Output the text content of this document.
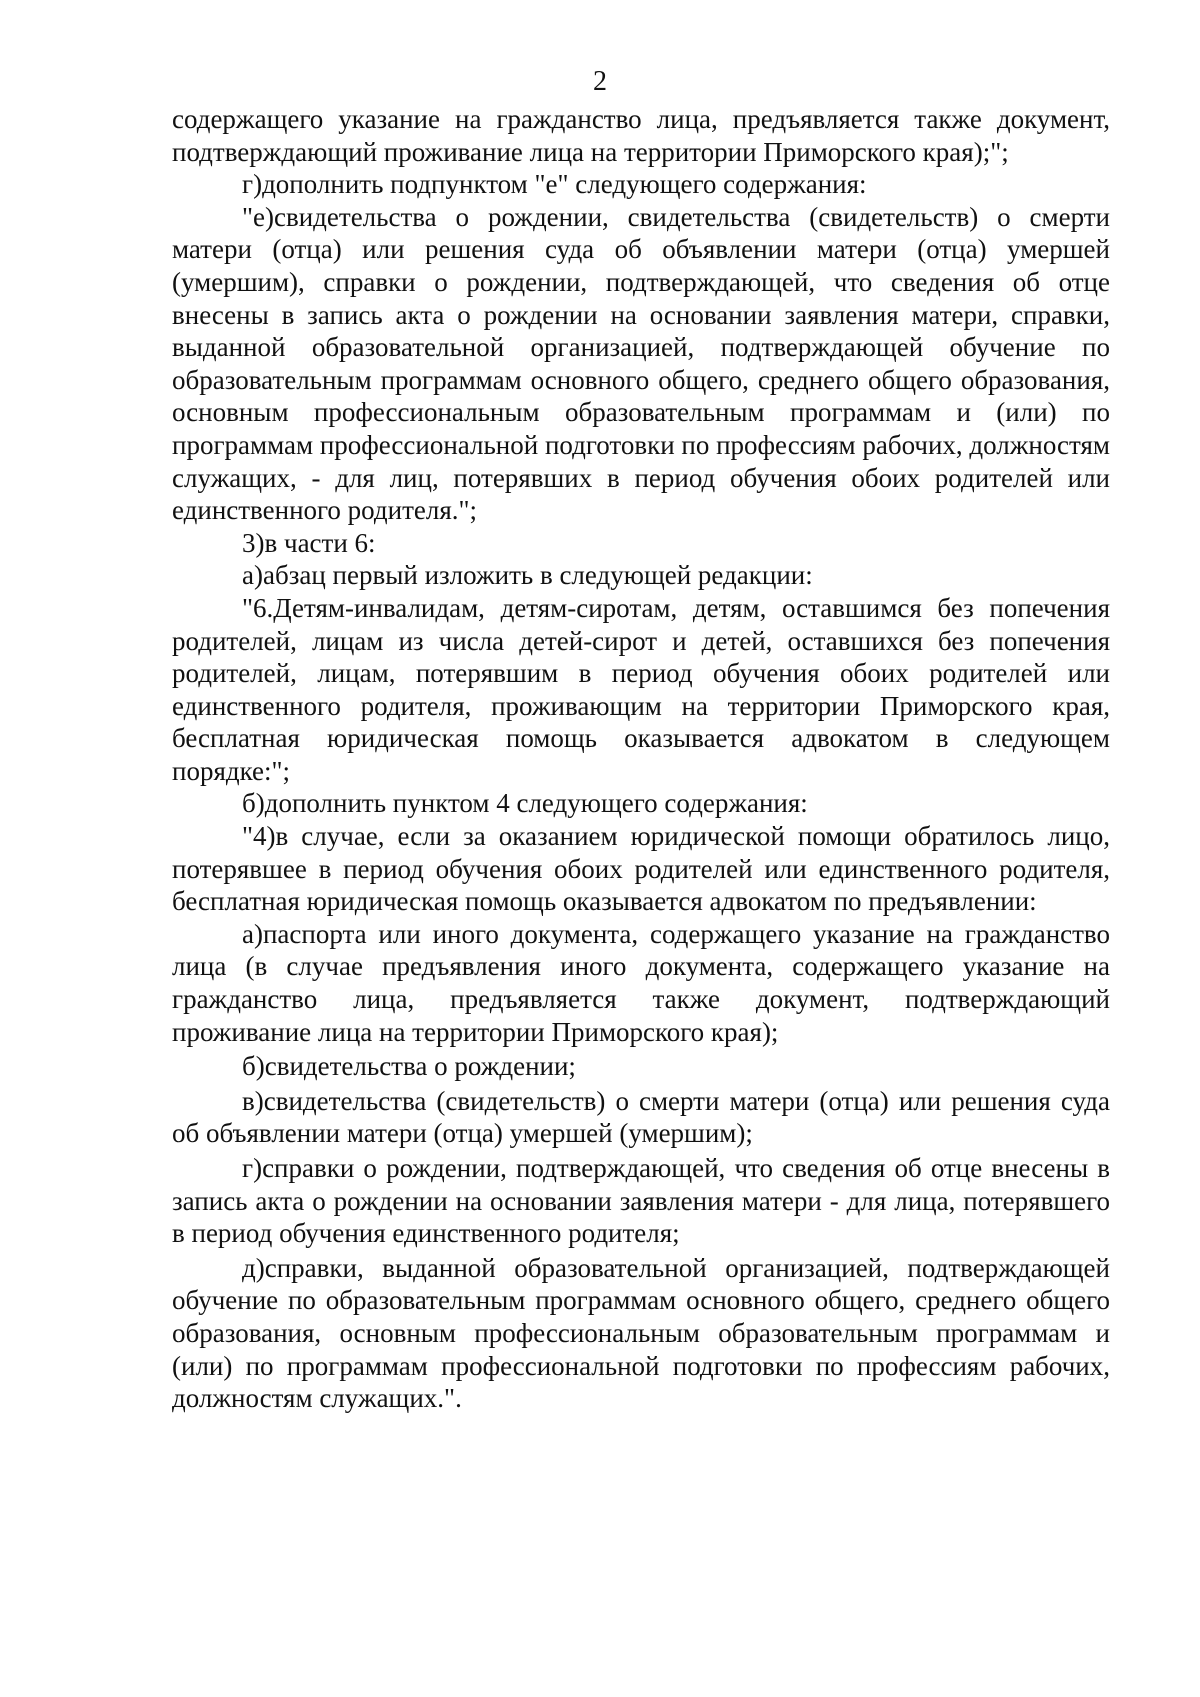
2

содержащего указание на гражданство лица, предъявляется также документ, подтверждающий проживание лица на территории Приморского края);";

г)дополнить подпунктом "е" следующего содержания:

"е)свидетельства о рождении, свидетельства (свидетельств) о смерти матери (отца) или решения суда об объявлении матери (отца) умершей (умершим), справки о рождении, подтверждающей, что сведения об отце внесены в запись акта о рождении на основании заявления матери, справки, выданной образовательной организацией, подтверждающей обучение по образовательным программам основного общего, среднего общего образования, основным профессиональным образовательным программам и (или) по программам профессиональной подготовки по профессиям рабочих, должностям служащих, - для лиц, потерявших в период обучения обоих родителей или единственного родителя.";

3)в части 6:

а)абзац первый изложить в следующей редакции:

"6.Детям-инвалидам, детям-сиротам, детям, оставшимся без попечения родителей, лицам из числа детей-сирот и детей, оставшихся без попечения родителей, лицам, потерявшим в период обучения обоих родителей или единственного родителя, проживающим на территории Приморского края, бесплатная юридическая помощь оказывается адвокатом в следующем порядке:";

б)дополнить пунктом 4 следующего содержания:

"4)в случае, если за оказанием юридической помощи обратилось лицо, потерявшее в период обучения обоих родителей или единственного родителя, бесплатная юридическая помощь оказывается адвокатом по предъявлении:

а)паспорта или иного документа, содержащего указание на гражданство лица (в случае предъявления иного документа, содержащего указание на гражданство лица, предъявляется также документ, подтверждающий проживание лица на территории Приморского края);

б)свидетельства о рождении;

в)свидетельства (свидетельств) о смерти матери (отца) или решения суда об объявлении матери (отца) умершей (умершим);

г)справки о рождении, подтверждающей, что сведения об отце внесены в запись акта о рождении на основании заявления матери - для лица, потерявшего в период обучения единственного родителя;

д)справки, выданной образовательной организацией, подтверждающей обучение по образовательным программам основного общего, среднего общего образования, основным профессиональным образовательным программам и (или) по программам профессиональной подготовки по профессиям рабочих, должностям служащих.".
